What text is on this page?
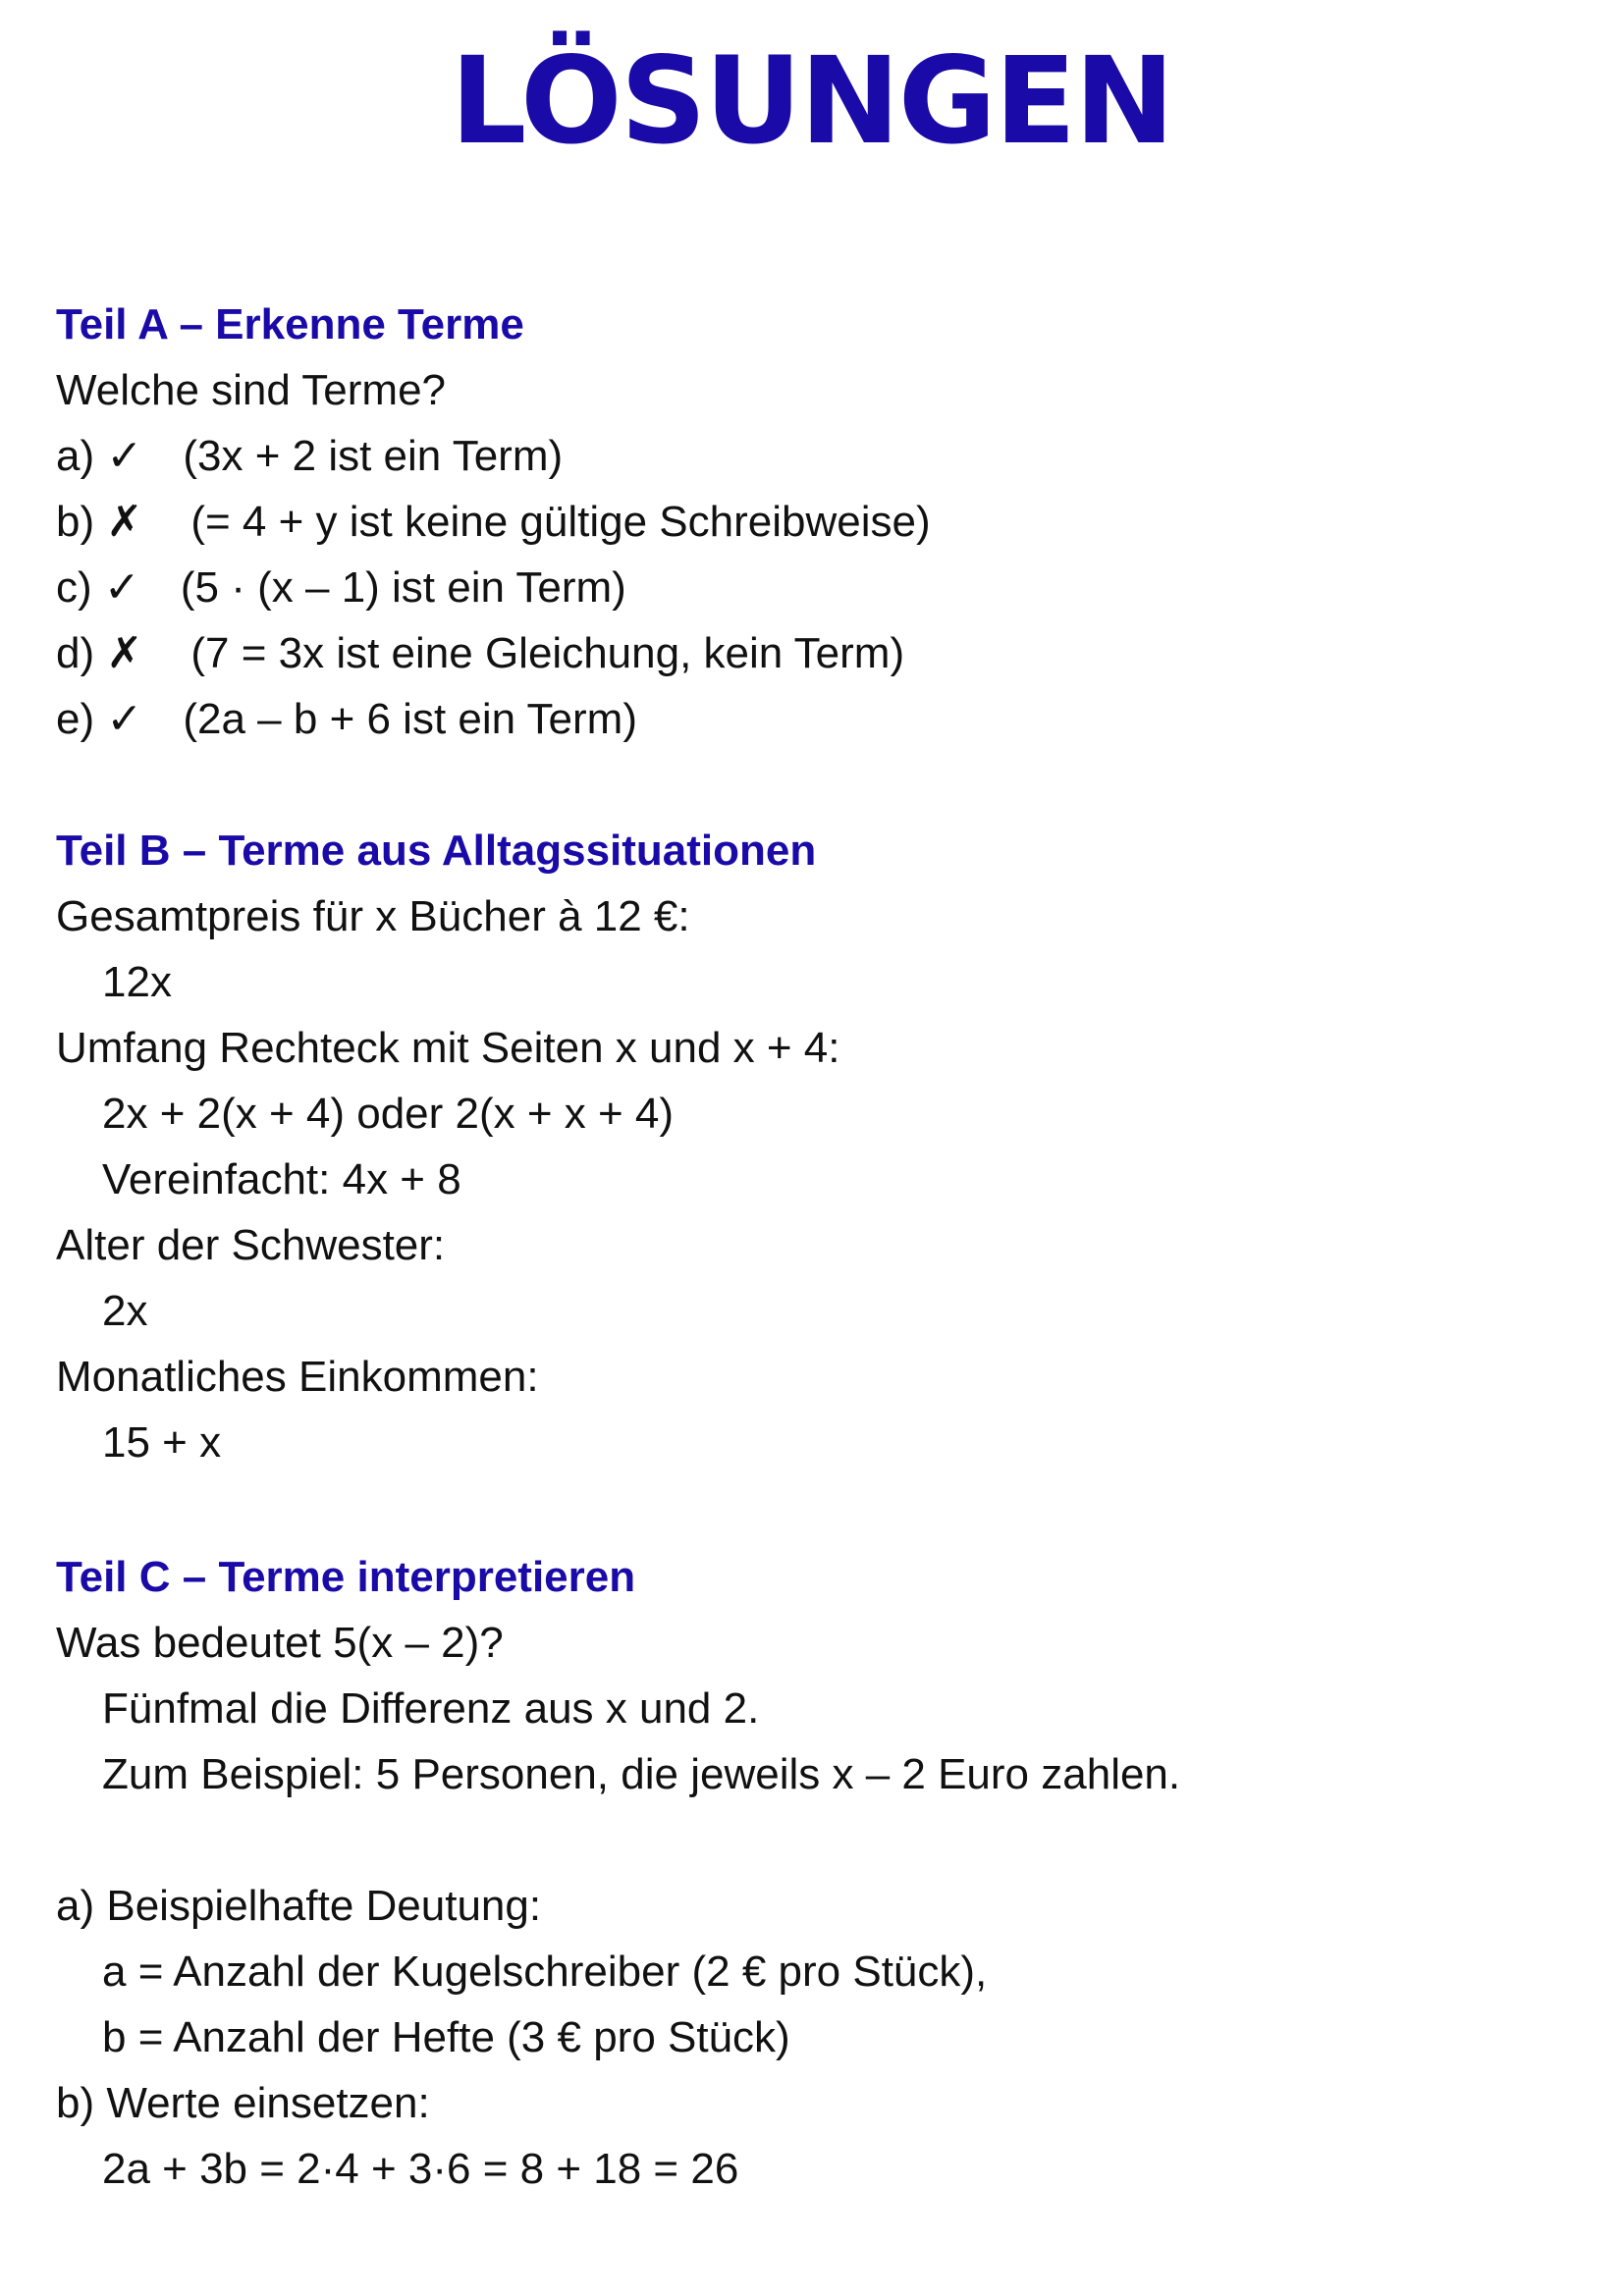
LÖSUNGEN
Teil A – Erkenne Terme
Welche sind Terme?
a) ✓ (3x + 2 ist ein Term)
b) ✗ (= 4 + y ist keine gültige Schreibweise)
c) ✓ (5 · (x – 1) ist ein Term)
d) ✗ (7 = 3x ist eine Gleichung, kein Term)
e) ✓ (2a – b + 6 ist ein Term)
Teil B – Terme aus Alltagssituationen
Gesamtpreis für x Bücher à 12 €:
12x
Umfang Rechteck mit Seiten x und x + 4:
2x + 2(x + 4) oder 2(x + x + 4)
Vereinfacht: 4x + 8
Alter der Schwester:
2x
Monatliches Einkommen:
15 + x
Teil C – Terme interpretieren
Was bedeutet 5(x – 2)?
Fünfmal die Differenz aus x und 2.
Zum Beispiel: 5 Personen, die jeweils x – 2 Euro zahlen.
a) Beispielhafte Deutung:
a = Anzahl der Kugelschreiber (2 € pro Stück),
b = Anzahl der Hefte (3 € pro Stück)
b) Werte einsetzen:
2a + 3b = 2·4 + 3·6 = 8 + 18 = 26
